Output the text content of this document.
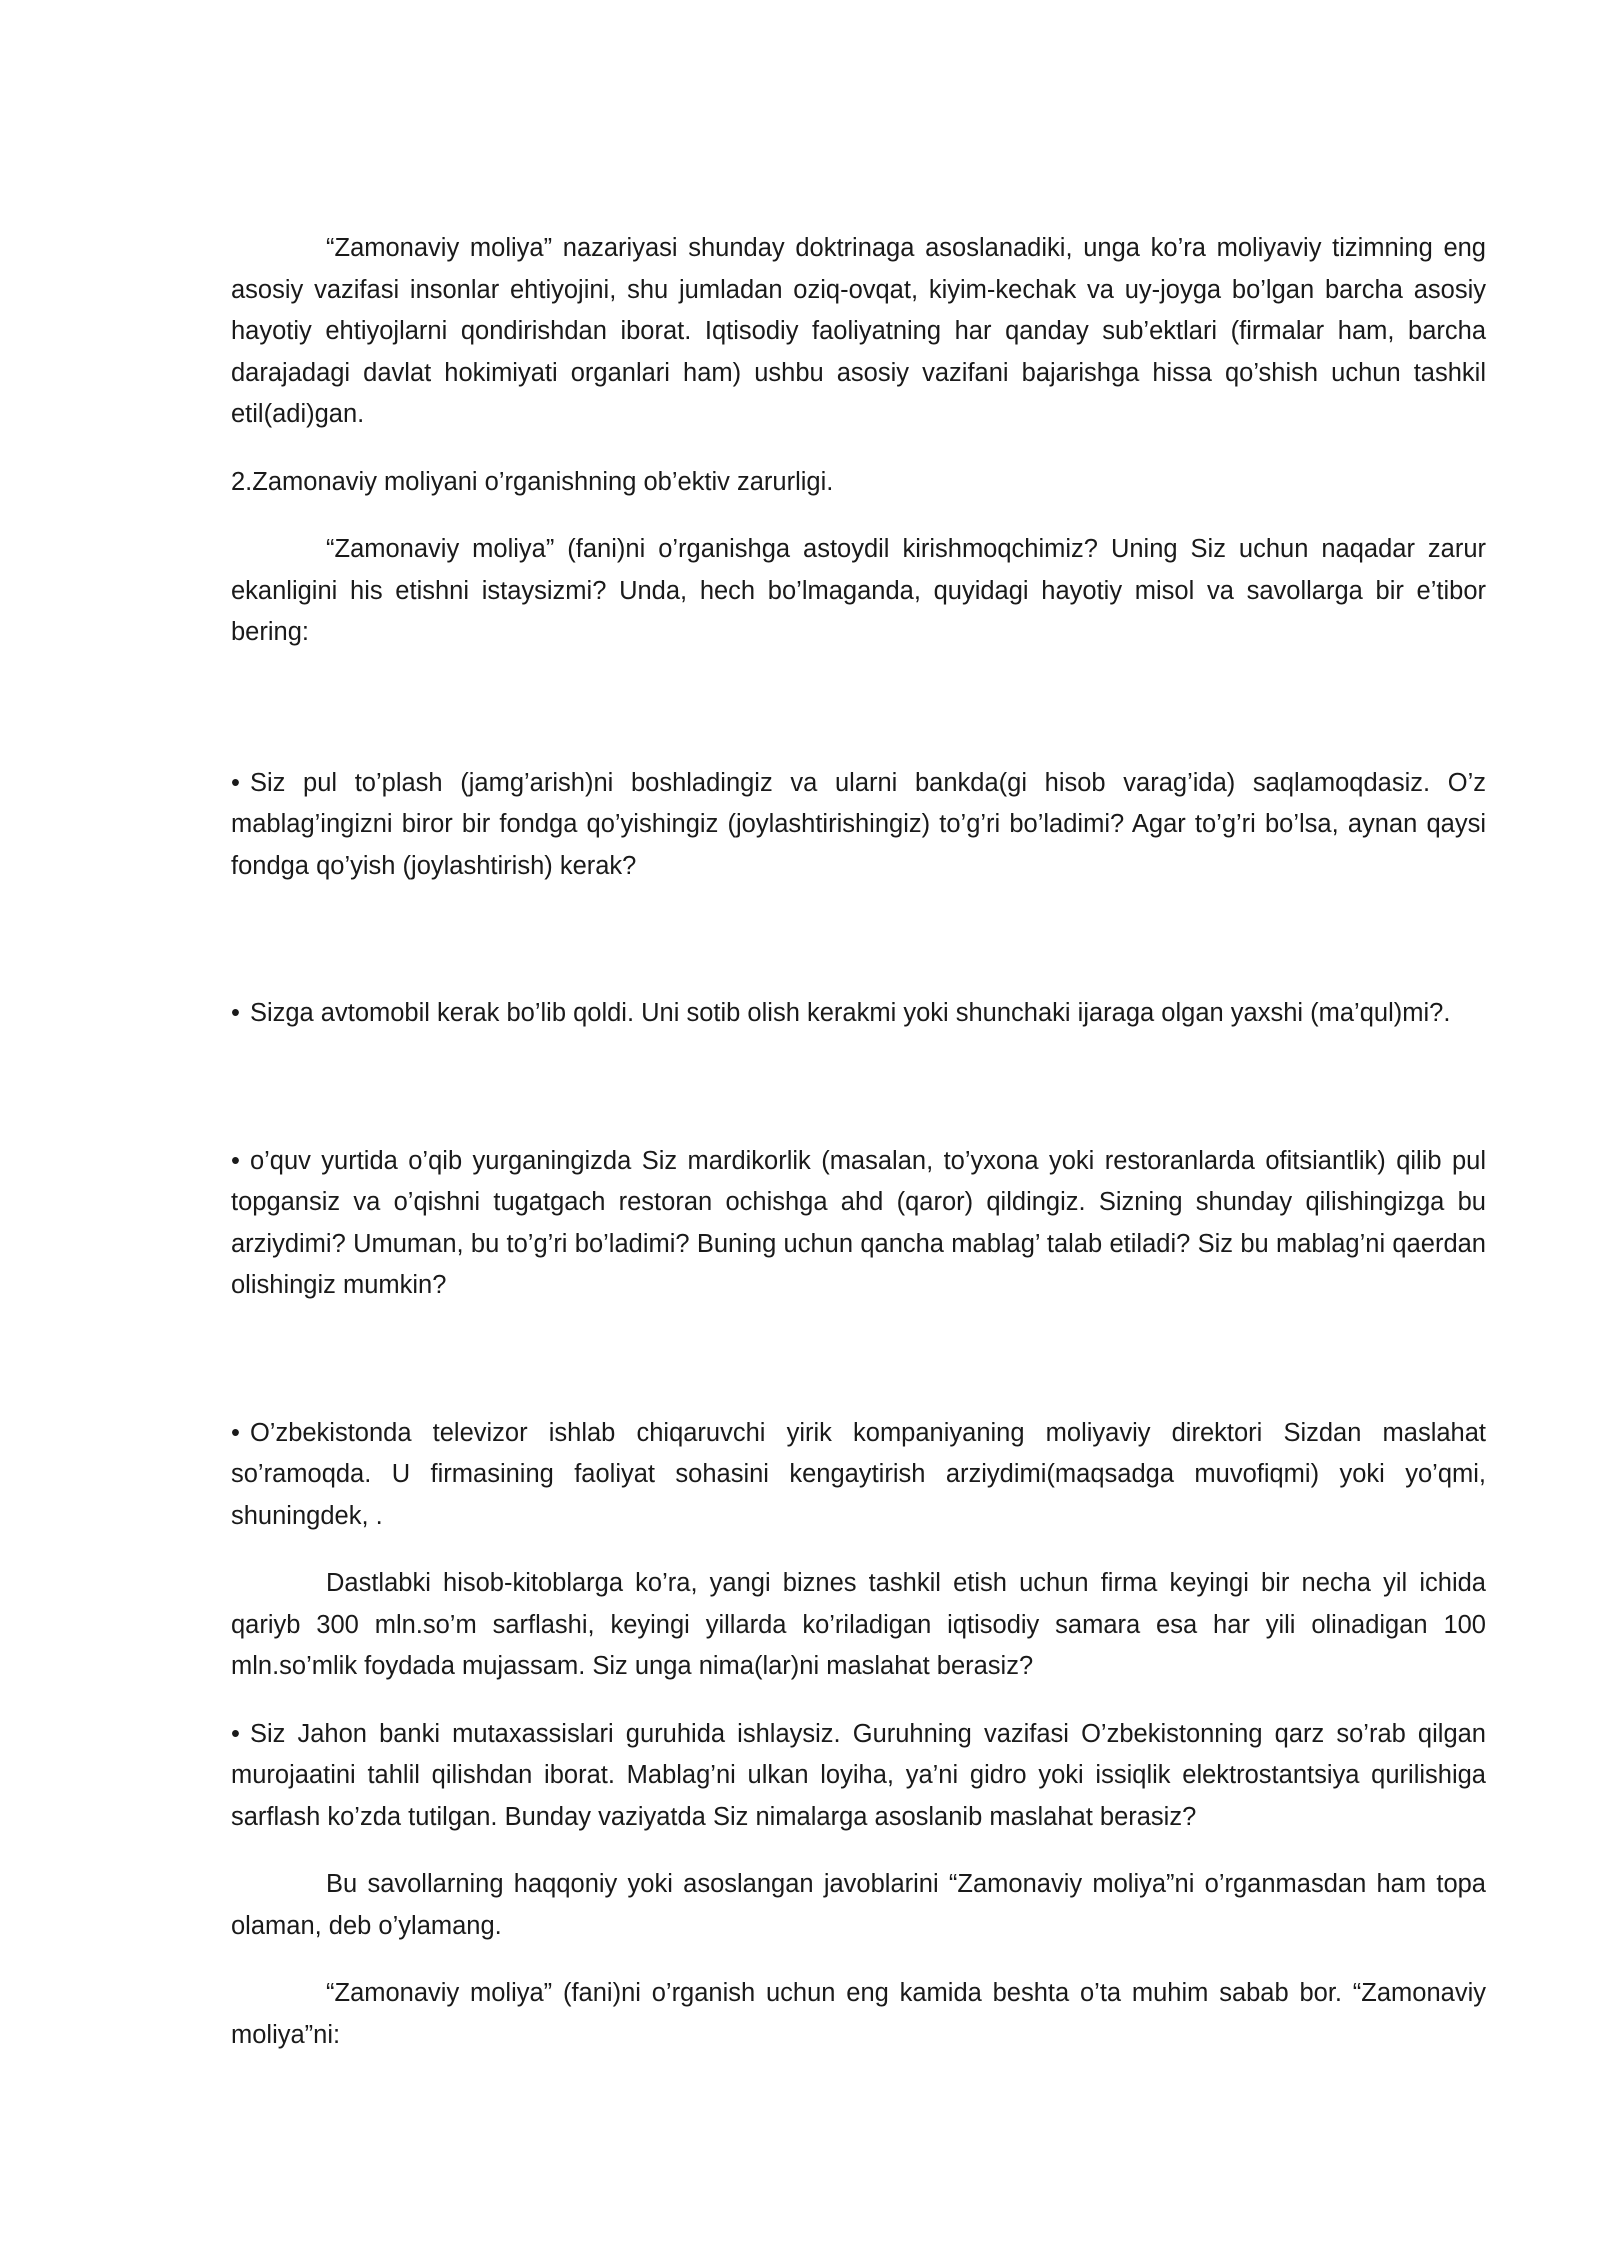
“Zamonaviy moliya” nazariyasi shunday doktrinaga asoslanadiki, unga ko’ra moliyaviy tizimning eng asosiy vazifasi insonlar ehtiyojini, shu jumladan oziq-ovqat, kiyim-kechak va uy-joyga bo’lgan barcha asosiy hayotiy ehtiyojlarni qondirishdan iborat. Iqtisodiy faoliyatning har qanday sub’ektlari (firmalar ham, barcha darajadagi davlat hokimiyati organlari ham) ushbu asosiy vazifani bajarishga hissa qo’shish uchun tashkil etil(adi)gan.

2.Zamonaviy moliyani o’rganishning ob’ektiv zarurligi.

“Zamonaviy moliya” (fani)ni o’rganishga astoydil kirishmoqchimiz? Uning Siz uchun naqadar zarur ekanligini his etishni istaysizmi? Unda, hech bo’lmaganda, quyidagi hayotiy misol va savollarga bir e’tibor bering:

• Siz pul to’plash (jamg’arish)ni boshladingiz va ularni bankda(gi hisob varag’ida) saqlamoqdasiz. O’z mablag’ingizni biror bir fondga qo’yishingiz (joylashtirishingiz) to’g’ri bo’ladimi? Agar to’g’ri bo’lsa, aynan qaysi fondga qo’yish (joylashtirish) kerak?

• Sizga avtomobil kerak bo’lib qoldi. Uni sotib olish kerakmi yoki shunchaki ijaraga olgan yaxshi (ma’qul)mi?.

• o’quv yurtida o’qib yurganingizda Siz mardikorlik (masalan, to’yxona yoki restoranlarda ofitsiantlik) qilib pul topgansiz va o’qishni tugatgach restoran ochishga ahd (qaror) qildingiz. Sizning shunday qilishingizga bu arziydimi? Umuman, bu to’g’ri bo’ladimi? Buning uchun qancha mablag’ talab etiladi? Siz bu mablag’ni qaerdan olishingiz mumkin?

• O’zbekistonda televizor ishlab chiqaruvchi yirik kompaniyaning moliyaviy direktori Sizdan maslahat so’ramoqda. U firmasining faoliyat sohasini kengaytirish arziydimi(maqsadga muvofiqmi) yoki yo’qmi, shuningdek, .

Dastlabki hisob-kitoblarga ko’ra, yangi biznes tashkil etish uchun firma keyingi bir necha yil ichida qariyb 300 mln.so’m sarflashi, keyingi yillarda ko’riladigan iqtisodiy samara esa har yili olinadigan 100 mln.so’mlik foydada mujassam. Siz unga nima(lar)ni maslahat berasiz?

• Siz Jahon banki mutaxassislari guruhida ishlaysiz. Guruhning vazifasi O’zbekistonning qarz so’rab qilgan murojaatini tahlil qilishdan iborat. Mablag’ni ulkan loyiha, ya’ni gidro yoki issiqlik elektrostantsiya qurilishiga sarflash ko’zda tutilgan. Bunday vaziyatda Siz nimalarga asoslanib maslahat berasiz?

Bu savollarning haqqoniy yoki asoslangan javoblarini “Zamonaviy moliya”ni o’rganmasdan ham topa olaman, deb o’ylamang.

“Zamonaviy moliya” (fani)ni o’rganish uchun eng kamida beshta o’ta muhim sabab bor. “Zamonaviy moliya”ni:
